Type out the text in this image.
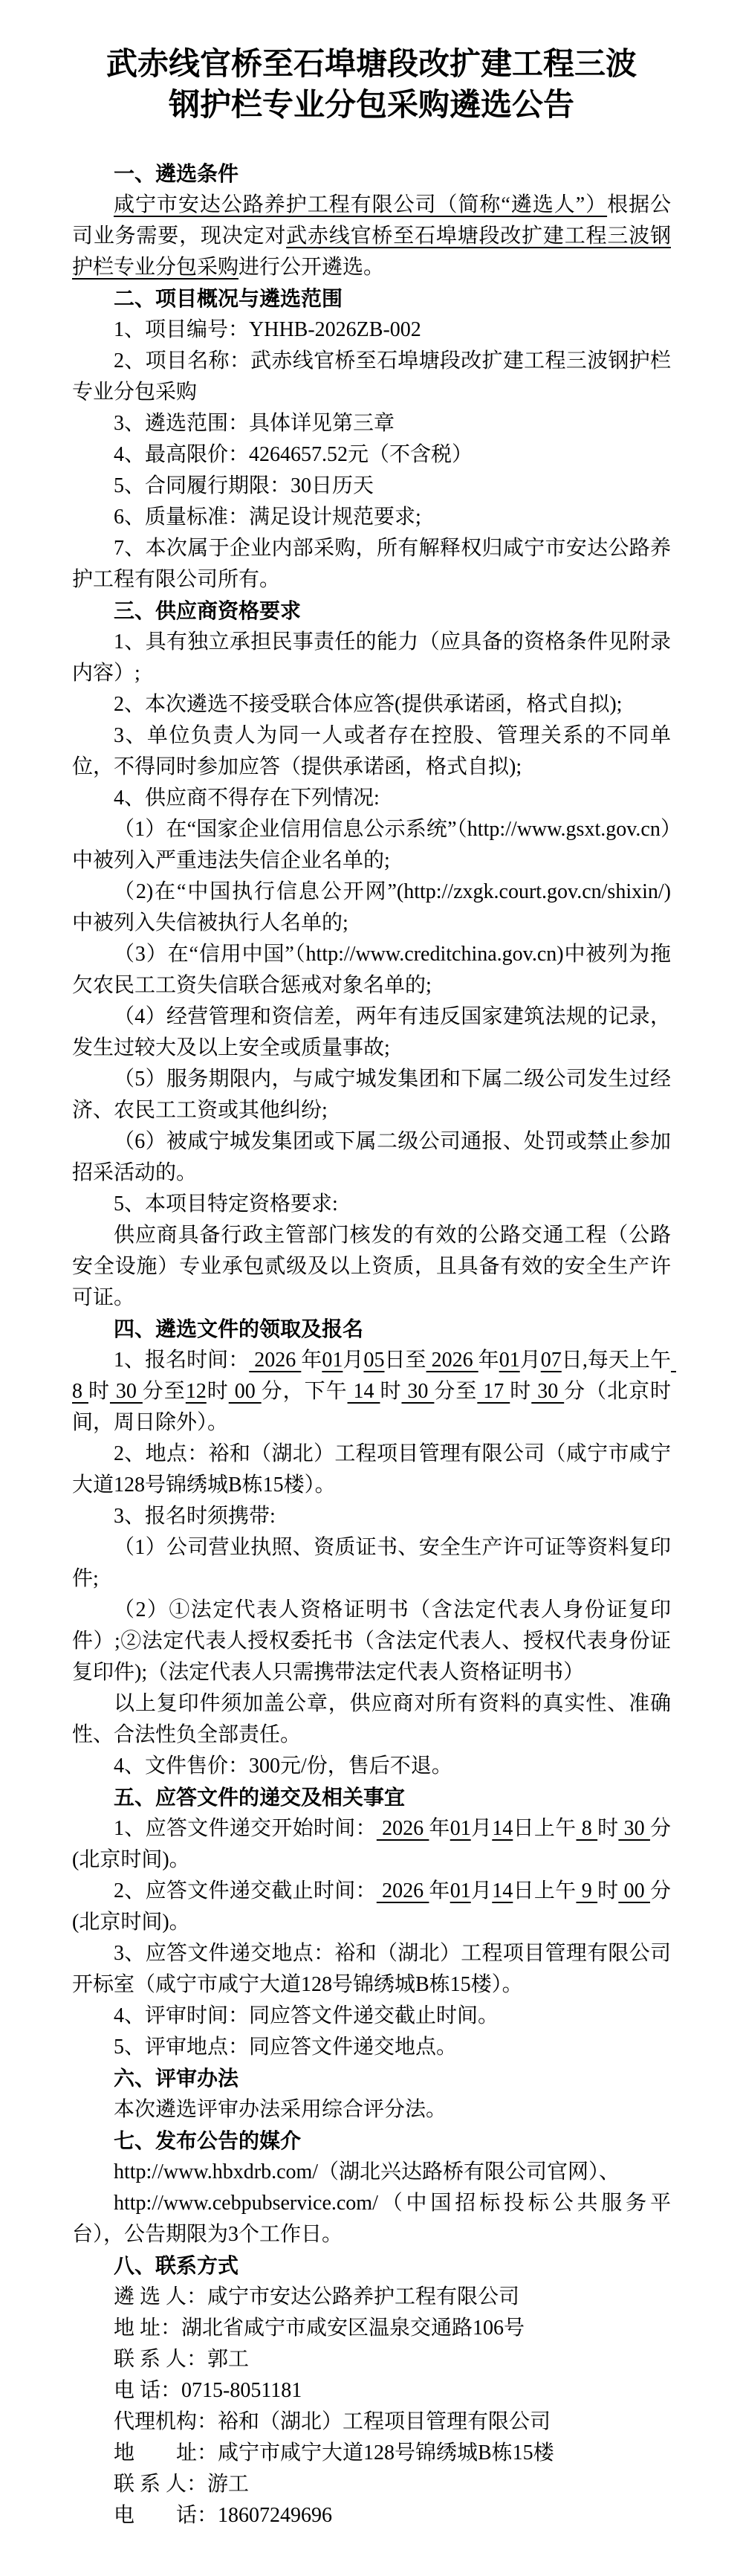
武赤线官桥至石埠塘段改扩建工程三波钢护栏专业分包采购遴选公告

一、遴选条件

咸宁市安达公路养护工程有限公司（简称“遴选人”）根据公司业务需要，现决定对武赤线官桥至石埠塘段改扩建工程三波钢护栏专业分包采购进行公开遴选。

二、项目概况与遴选范围

1、项目编号：YHHB-2026ZB-002

2、项目名称：武赤线官桥至石埠塘段改扩建工程三波钢护栏专业分包采购

3、遴选范围：具体详见第三章

4、最高限价：4264657.52元（不含税）

5、合同履行期限：30日历天

6、质量标准：满足设计规范要求;

7、本次属于企业内部采购，所有解释权归咸宁市安达公路养护工程有限公司所有。

三、供应商资格要求

1、具有独立承担民事责任的能力（应具备的资格条件见附录内容）;

2、本次遴选不接受联合体应答(提供承诺函，格式自拟);

3、单位负责人为同一人或者存在控股、管理关系的不同单位，不得同时参加应答（提供承诺函，格式自拟);

4、供应商不得存在下列情况:

（1）在“国家企业信用信息公示系统”（http://www.gsxt.gov.cn）中被列入严重违法失信企业名单的;

（2)在“中国执行信息公开网”(http://zxgk.court.gov.cn/shixin/)中被列入失信被执行人名单的;

（3）在“信用中国”（http://www.creditchina.gov.cn)中被列为拖欠农民工工资失信联合惩戒对象名单的;

（4）经营管理和资信差，两年有违反国家建筑法规的记录，发生过较大及以上安全或质量事故;

（5）服务期限内，与咸宁城发集团和下属二级公司发生过经济、农民工工资或其他纠纷;

（6）被咸宁城发集团或下属二级公司通报、处罚或禁止参加招采活动的。

5、本项目特定资格要求:

供应商具备行政主管部门核发的有效的公路交通工程（公路安全设施）专业承包贰级及以上资质，且具备有效的安全生产许可证。

四、遴选文件的领取及报名

1、报名时间： 2026 年01月05日至 2026 年01月07日,每天上午 8 时 30 分至12时 00 分，下午 14 时 30 分至 17 时 30 分（北京时间，周日除外）。

2、地点：裕和（湖北）工程项目管理有限公司（咸宁市咸宁大道128号锦绣城B栋15楼）。

3、报名时须携带:

（1）公司营业执照、资质证书、安全生产许可证等资料复印件;

（2）①法定代表人资格证明书（含法定代表人身份证复印件）;②法定代表人授权委托书（含法定代表人、授权代表身份证复印件);（法定代表人只需携带法定代表人资格证明书）

以上复印件须加盖公章，供应商对所有资料的真实性、准确性、合法性负全部责任。

4、文件售价：300元/份，售后不退。

五、应答文件的递交及相关事宜

1、应答文件递交开始时间： 2026 年01月14日上午 8 时 30 分(北京时间)。

2、应答文件递交截止时间： 2026 年01月14日上午 9 时 00 分(北京时间)。

3、应答文件递交地点：裕和（湖北）工程项目管理有限公司开标室（咸宁市咸宁大道128号锦绣城B栋15楼）。

4、评审时间：同应答文件递交截止时间。

5、评审地点：同应答文件递交地点。

六、评审办法

本次遴选评审办法采用综合评分法。

七、发布公告的媒介

http://www.hbxdrb.com/（湖北兴达路桥有限公司官网）、

http://www.cebpubservice.com/（中国招标投标公共服务平台），公告期限为3个工作日。

八、联系方式

遴 选 人：咸宁市安达公路养护工程有限公司

地 址：湖北省咸宁市咸安区温泉交通路106号

联 系 人：郭工

电 话：0715-8051181

代理机构：裕和（湖北）工程项目管理有限公司

地　　址：咸宁市咸宁大道128号锦绣城B栋15楼

联 系 人：游工

电　　话：18607249696
